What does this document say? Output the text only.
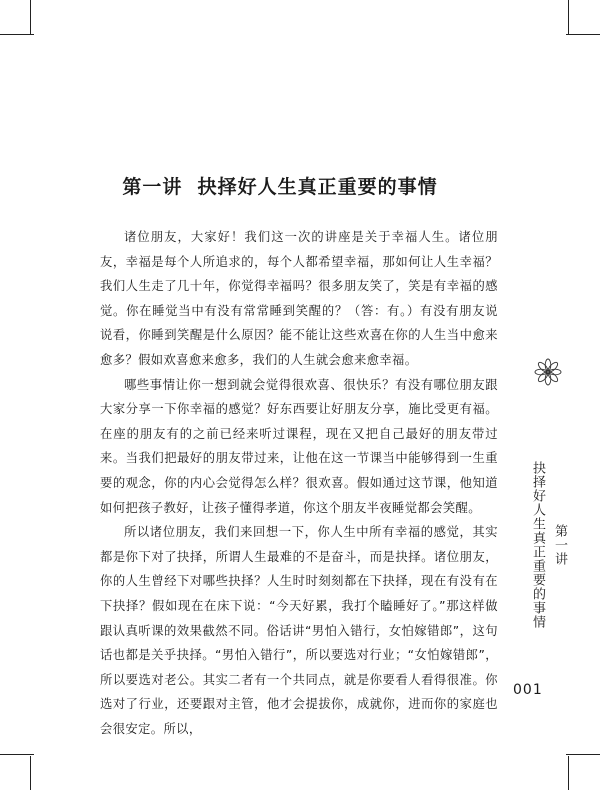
第一讲  抉择好人生真正重要的事情

诸位朋友，大家好！我们这一次的讲座是关于幸福人生。诸位朋友，幸福是每个人所追求的，每个人都希望幸福，那如何让人生幸福？我们人生走了几十年，你觉得幸福吗？很多朋友笑了，笑是有幸福的感觉。你在睡觉当中有没有常常睡到笑醒的？（答：有。）有没有朋友说说看，你睡到笑醒是什么原因？能不能让这些欢喜在你的人生当中愈来愈多？假如欢喜愈来愈多，我们的人生就会愈来愈幸福。

哪些事情让你一想到就会觉得很欢喜、很快乐？有没有哪位朋友跟大家分享一下你幸福的感觉？好东西要让好朋友分享，施比受更有福。在座的朋友有的之前已经来听过课程，现在又把自己最好的朋友带过来。当我们把最好的朋友带过来，让他在这一节课当中能够得到一生重要的观念，你的内心会觉得怎么样？很欢喜。假如通过这节课，他知道如何把孩子教好，让孩子懂得孝道，你这个朋友半夜睡觉都会笑醒。

所以诸位朋友，我们来回想一下，你人生中所有幸福的感觉，其实都是你下对了抉择，所谓人生最难的不是奋斗，而是抉择。诸位朋友，你的人生曾经下对哪些抉择？人生时时刻刻都在下抉择，现在有没有在下抉择？假如现在在床下说：“今天好累，我打个瞌睡好了。”那这样做跟认真听课的效果截然不同。俗话讲“男怕入错行，女怕嫁错郎”，这句话也都是关乎抉择。“男怕入错行”，所以要选对行业；“女怕嫁错郎”，所以要选对老公。其实二者有一个共同点，就是你要看人看得很准。你选对了行业，还要跟对主管，他才会提拔你，成就你，进而你的家庭也会很安定。所以，

第一讲
抉择好人生真正重要的事情
001
